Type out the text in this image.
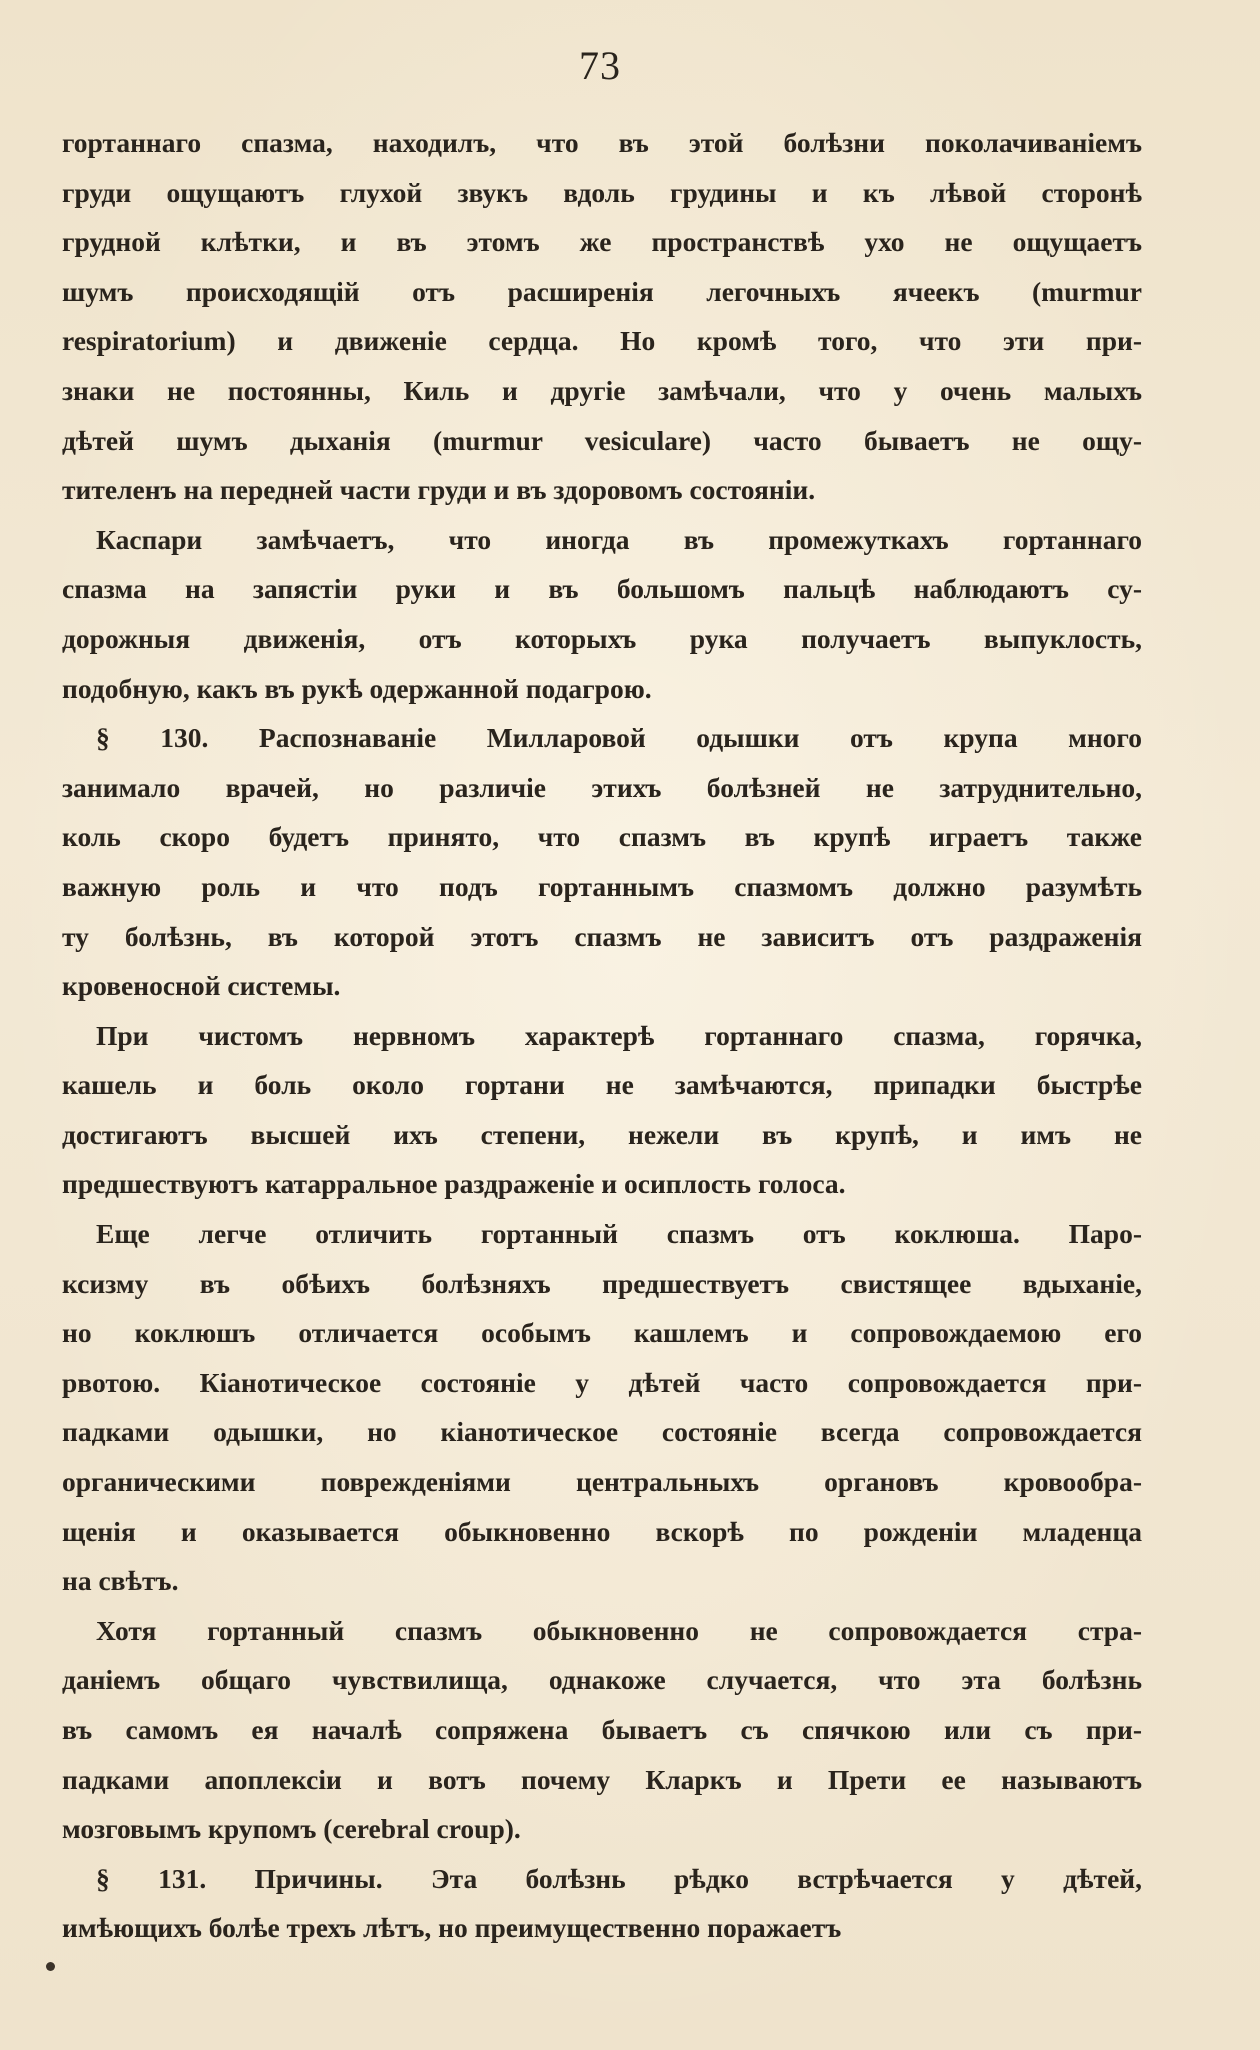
73
гортаннаго спазма, находилъ, что въ этой болѣзни поколачиваніемъ
груди ощущаютъ глухой звукъ вдоль грудины и къ лѣвой сторонѣ
грудной клѣтки, и въ этомъ же пространствѣ ухо не ощущаетъ
шумъ происходящій отъ расширенія легочныхъ ячеекъ (murmur
respiratorium) и движеніе сердца. Но кромѣ того, что эти при-
знаки не постоянны, Киль и другіе замѣчали, что у очень малыхъ
дѣтей шумъ дыханія (murmur vesiculare) часто бываетъ не ощу-
тителенъ на передней части груди и въ здоровомъ состояніи.
Каспари замѣчаетъ, что иногда въ промежуткахъ гортаннаго
спазма на запястіи руки и въ большомъ пальцѣ наблюдаютъ су-
дорожныя движенія, отъ которыхъ рука получаетъ выпуклость,
подобную, какъ въ рукѣ одержанной подагрою.
§ 130. Распознаваніе Милларовой одышки отъ крупа много
занимало врачей, но различіе этихъ болѣзней не затруднительно,
коль скоро будетъ принято, что спазмъ въ крупѣ играетъ также
важную роль и что подъ гортаннымъ спазмомъ должно разумѣть
ту болѣзнь, въ которой этотъ спазмъ не зависитъ отъ раздраженія
кровеносной системы.
При чистомъ нервномъ характерѣ гортаннаго спазма, горячка,
кашель и боль около гортани не замѣчаются, припадки быстрѣе
достигаютъ высшей ихъ степени, нежели въ крупѣ, и имъ не
предшествуютъ катарральное раздраженіе и осиплость голоса.
Еще легче отличить гортанный спазмъ отъ коклюша. Паро-
ксизму въ обѣихъ болѣзняхъ предшествуетъ свистящее вдыханіе,
но коклюшъ отличается особымъ кашлемъ и сопровождаемою его
рвотою. Кіанотическое состояніе у дѣтей часто сопровождается при-
падками одышки, но кіанотическое состояніе всегда сопровождается
органическими поврежденіями центральныхъ органовъ кровообра-
щенія и оказывается обыкновенно вскорѣ по рожденіи младенца
на свѣтъ.
Хотя гортанный спазмъ обыкновенно не сопровождается стра-
даніемъ общаго чувствилища, однакоже случается, что эта болѣзнь
въ самомъ ея началѣ сопряжена бываетъ съ спячкою или съ при-
падками апоплексіи и вотъ почему Кларкъ и Прети ее называютъ
мозговымъ крупомъ (cerebral croup).
§ 131. Причины. Эта болѣзнь рѣдко встрѣчается у дѣтей,
имѣющихъ болѣе трехъ лѣтъ, но преимущественно поражаетъ
